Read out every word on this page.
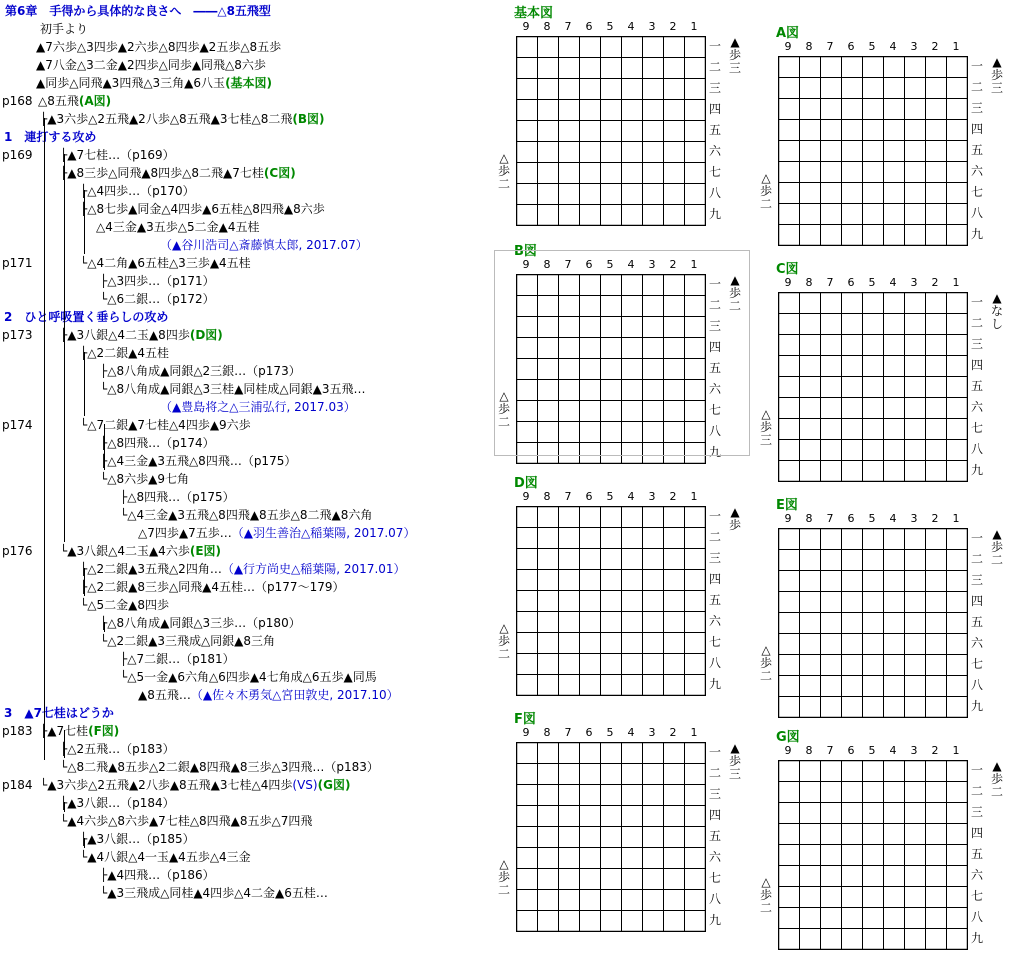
p168
p169
p171
p173
p174
p176
p183
p184
第6章　手得から具体的な良さへ　――△8五飛型
初手より
▲7六歩△3四歩▲2六歩△8四歩▲2五歩△8五歩
▲7八金△3二金▲2四歩△同歩▲同飛△8六歩
▲同歩△同飛▲3四飛△3三角▲6八玉(基本図)
△8五飛(A図)
├▲3六歩△2五飛▲2八歩△8五飛▲3七桂△8二飛(B図)
1　連打する攻め
├▲7七桂…（p169）
├▲8三歩△同飛▲8四歩△8二飛▲7七桂(C図)
├△4四歩…（p170）
├△8七歩▲同金△4四歩▲6五桂△8四飛▲8六歩
△4三金▲3五歩△5二金▲4五桂
（▲谷川浩司△斎藤慎太郎, 2017.07）
└△4二角▲6五桂△3三歩▲4五桂
├△3四歩…（p171）
└△6二銀…（p172）
2　ひと呼吸置く垂らしの攻め
├▲3八銀△4二玉▲8四歩(D図)
├△2二銀▲4五桂
├△8八角成▲同銀△2三銀…（p173）
└△8八角成▲同銀△3三桂▲同桂成△同銀▲3五飛…
（▲豊島将之△三浦弘行, 2017.03）
└△7二銀▲7七桂△4四歩▲9六歩
├△8四飛…（p174）
├△4三金▲3五飛△8四飛…（p175）
└△8六歩▲9七角
├△8四飛…（p175）
└△4三金▲3五飛△8四飛▲8五歩△8二飛▲8六角
△7四歩▲7五歩…（▲羽生善治△稲葉陽, 2017.07）
└▲3八銀△4二玉▲4六歩(E図)
├△2二銀▲3五飛△2四角…（▲行方尚史△稲葉陽, 2017.01）
├△2二銀▲8三歩△同飛▲4五桂…（p177〜179）
└△5二金▲8四歩
├△8八角成▲同銀△3三歩…（p180）
└△2二銀▲3三飛成△同銀▲8三角
├△7二銀…（p181）
└△5一金▲6六角△6四歩▲4七角成△6五歩▲同馬
▲8五飛…（▲佐々木勇気△宮田敦史, 2017.10）
3　▲7七桂はどうか
├▲7七桂(F図)
├△2五飛…（p183）
└△8二飛▲8五歩△2二銀▲8四飛▲8三歩△3四飛…（p183）
└▲3六歩△2五飛▲2八歩▲8五飛▲3七桂△4四歩(VS)(G図)
├▲3八銀…（p184）
└▲4六歩△8六歩▲7七桂△8四飛▲8五歩△7四飛
├▲3八銀…（p185）
└▲4八銀△4一玉▲4五歩△4三金
├▲4四飛…（p186）
└▲3三飛成△同桂▲4四歩△4二金▲6五桂…
基本図
9	8	7	6	5	4	3	2	1
一
二
三
四
五
六
七
八
九
▲歩三
△歩二
A図
9	8	7	6	5	4	3	2	1
一
二
三
四
五
六
七
八
九
▲歩三
△歩二
B図
9	8	7	6	5	4	3	2	1
一
二
三
四
五
六
七
八
九
▲歩二
△歩二
C図
9	8	7	6	5	4	3	2	1
一
二
三
四
五
六
七
八
九
▲なし
△歩三
D図
9	8	7	6	5	4	3	2	1
一
二
三
四
五
六
七
八
九
▲歩
△歩二
E図
9	8	7	6	5	4	3	2	1
一
二
三
四
五
六
七
八
九
▲歩二
△歩二
F図
9	8	7	6	5	4	3	2	1
一
二
三
四
五
六
七
八
九
▲歩三
△歩二
G図
9	8	7	6	5	4	3	2	1
一
二
三
四
五
六
七
八
九
▲歩二
△歩二
